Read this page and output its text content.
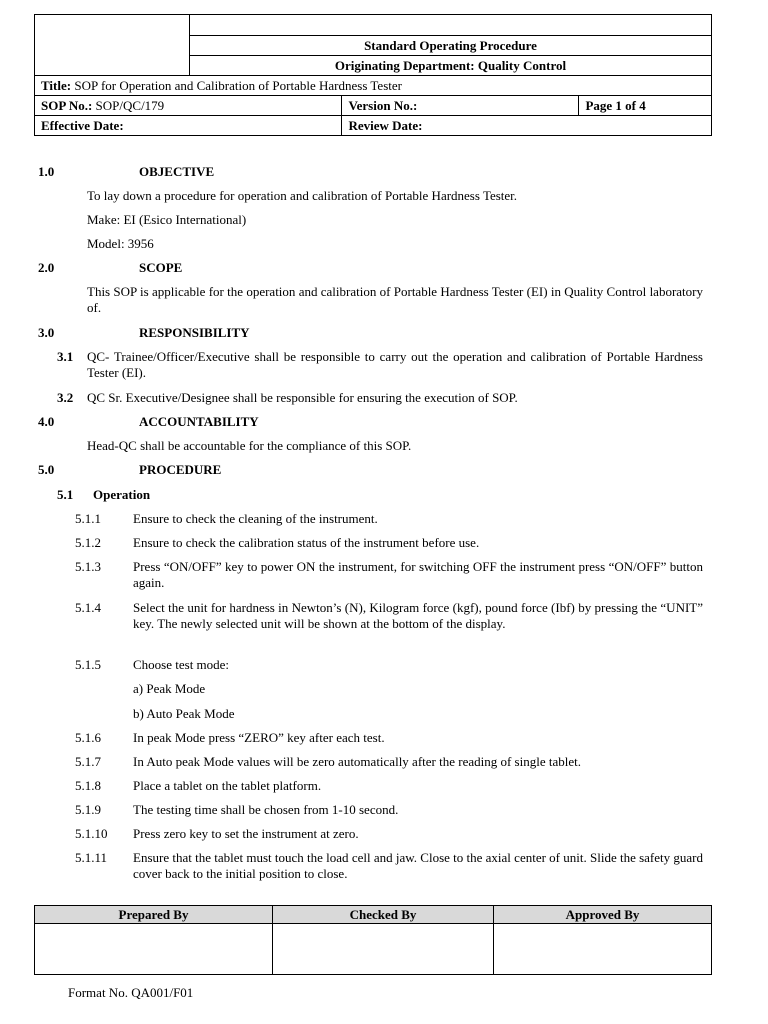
Standard Operating Procedure
Originating Department: Quality Control
Title: SOP for Operation and Calibration of Portable Hardness Tester
SOP No.: SOP/QC/179		Version No.:	Page 1 of 4

Effective Date:	Review Date:
1.0	OBJECTIVE
To lay down a procedure for operation and calibration of Portable Hardness Tester.
Make: EI (Esico International)
Model: 3956
2.0	SCOPE
This SOP is applicable for the operation and calibration of Portable Hardness Tester (EI) in Quality Control laboratory of.
3.0	RESPONSIBILITY
3.1 QC- Trainee/Officer/Executive shall be responsible to carry out the operation and calibration of Portable Hardness Tester (EI).
3.2 QC Sr. Executive/Designee shall be responsible for ensuring the execution of SOP.
4.0	ACCOUNTABILITY
Head-QC shall be accountable for the compliance of this SOP.
5.0	PROCEDURE
5.1 Operation
5.1.1 Ensure to check the cleaning of the instrument.
5.1.2 Ensure to check the calibration status of the instrument before use.
5.1.3 Press “ON/OFF” key to power ON the instrument, for switching OFF the instrument press “ON/OFF” button again.
5.1.4 Select the unit for hardness in Newton’s (N), Kilogram force (kgf), pound force (Ibf) by pressing the “UNIT” key. The newly selected unit will be shown at the bottom of the display.
5.1.5 Choose test mode:
a) Peak Mode
b) Auto Peak Mode
5.1.6 In peak Mode press “ZERO” key after each test.
5.1.7 In Auto peak Mode values will be zero automatically after the reading of single tablet.
5.1.8 Place a tablet on the tablet platform.
5.1.9 The testing time shall be chosen from 1-10 second.
5.1.10 Press zero key to set the instrument at zero.
5.1.11 Ensure that the tablet must touch the load cell and jaw. Close to the axial center of unit. Slide the safety guard cover back to the initial position to close.
Prepared By	Checked By	Approved By

Format No. QA001/F01
